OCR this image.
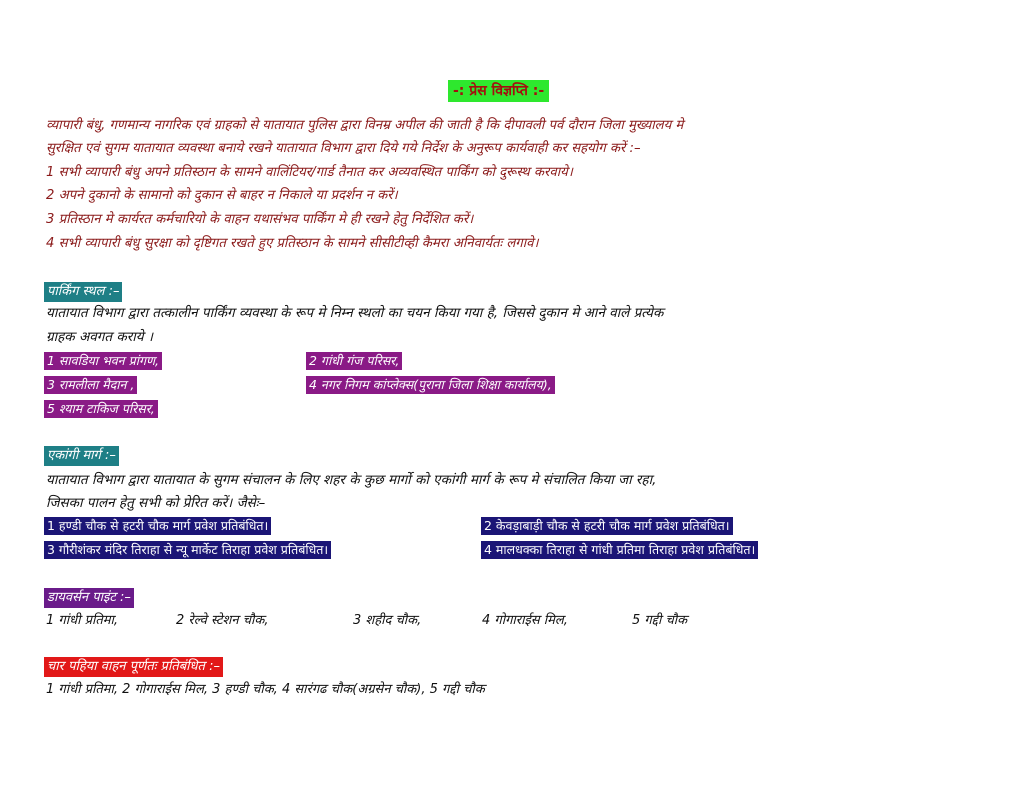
-: प्रेस विज्ञप्ति :-
व्यापारी बंधु, गणमान्य नागरिक एवं ग्राहको से यातायात पुलिस द्वारा विनम्र अपील की जाती है कि दीपावली पर्व दौरान जिला मुख्यालय मे
सुरक्षित एवं सुगम यातायात व्यवस्था बनाये रखने यातायात विभाग द्वारा दिये गये निर्देश के अनुरूप कार्यवाही कर सहयोग करें :–
1 सभी व्यापारी बंधु अपने प्रतिस्ठान के सामने वालिंटियर/गार्ड तैनात कर अव्यवस्थित पार्किंग को दुरूस्थ करवाये।
2 अपने दुकानो के सामानो को दुकान से बाहर न निकाले या प्रदर्शन न करें।
3 प्रतिस्ठान मे कार्यरत कर्मचारियो के वाहन यथासंभव पार्किंग मे ही रखने हेतु निर्देशित करें।
4 सभी व्यापारी बंधु सुरक्षा को दृष्टिगत रखते हुए प्रतिस्ठान के सामने सीसीटीव्ही कैमरा अनिवार्यतः लगावे।
पार्किंग स्थल :–
यातायात विभाग द्वारा तत्कालीन पार्किंग व्यवस्था के रूप मे निम्न स्थलो का चयन किया गया है, जिससे दुकान मे आने वाले प्रत्येक
ग्राहक अवगत कराये ।
1 सावडिया भवन प्रांगण,	2 गांधी गंज परिसर,
3 रामलीला मैदान ,	4 नगर निगम कांप्लेक्स(पुराना जिला शिक्षा कार्यालय),
5 श्याम टाकिज परिसर,
एकांगी मार्ग :–
यातायात विभाग द्वारा यातायात के सुगम संचालन के लिए शहर के कुछ मार्गो को एकांगी मार्ग के रूप मे संचालित किया जा रहा,
जिसका पालन हेतु सभी को प्रेरित करें। जैसेः–
1 हण्डी चौक से हटरी चौक मार्ग प्रवेश प्रतिबंधित।	2 केवड़ाबाड़ी चौक से हटरी चौक मार्ग प्रवेश प्रतिबंधित।
3 गौरीशंकर मंदिर तिराहा से न्यू मार्केट तिराहा प्रवेश प्रतिबंधित।	4 मालधक्का तिराहा से गांधी प्रतिमा तिराहा प्रवेश प्रतिबंधित।
डायवर्सन पाइंट :–
1 गांधी प्रतिमा,	2 रेल्वे स्टेशन चौक,	3 शहीद चौक,	4 गोगाराईस मिल,	5 गद्दी चौक
चार पहिया वाहन पूर्णतः प्रतिबंधित :–
1 गांधी प्रतिमा, 2 गोगाराईस मिल, 3 हण्डी चौक, 4 सारंगढ चौक(अग्रसेन चौक), 5 गद्दी चौक
